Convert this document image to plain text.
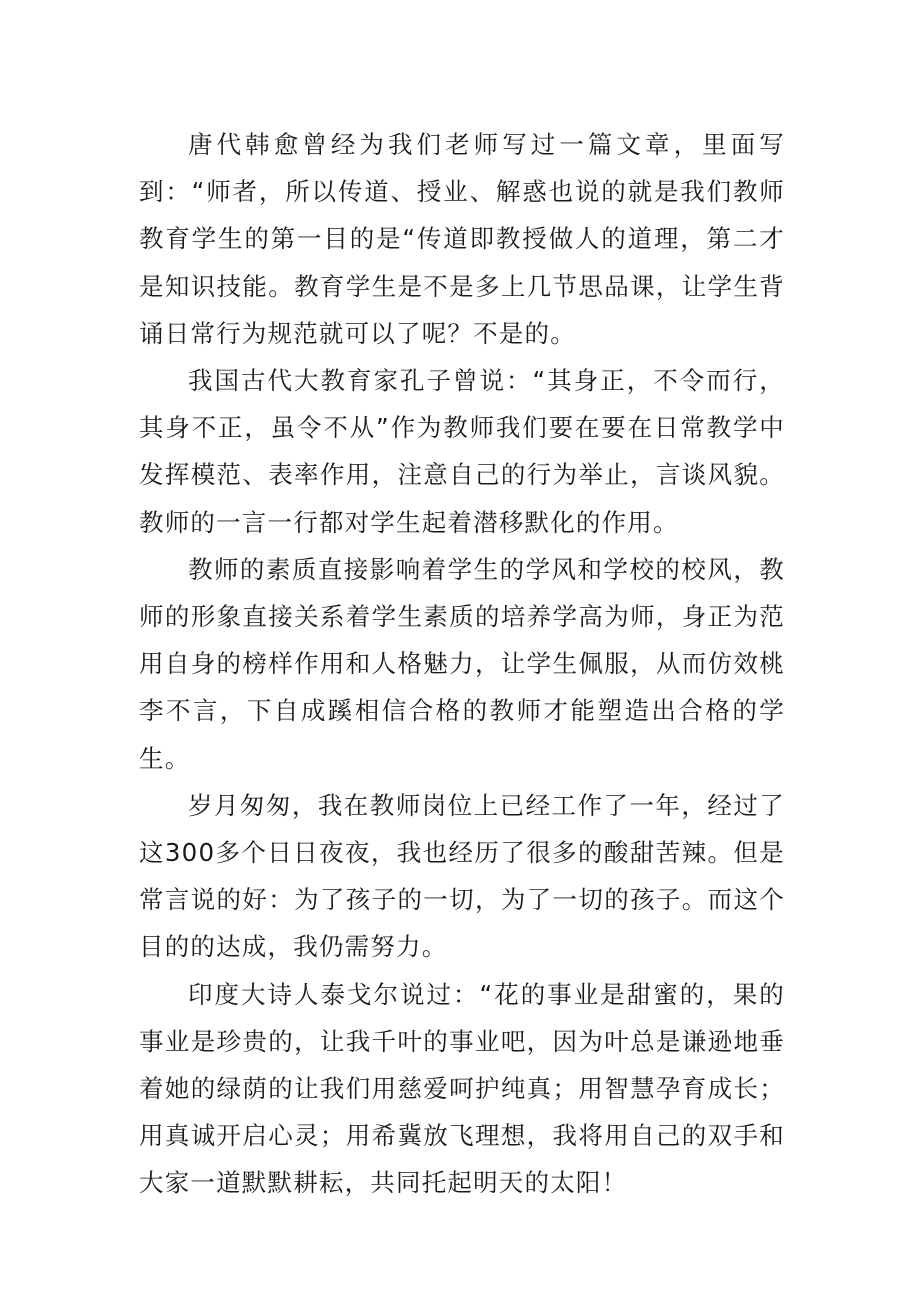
唐代韩愈曾经为我们老师写过一篇文章，里面写到：“师者，所以传道、授业、解惑也说的就是我们教师教育学生的第一目的是“传道即教授做人的道理，第二才是知识技能。教育学生是不是多上几节思品课，让学生背诵日常行为规范就可以了呢？不是的。

我国古代大教育家孔子曾说：“其身正，不令而行，其身不正，虽令不从”作为教师我们要在要在日常教学中发挥模范、表率作用，注意自己的行为举止，言谈风貌。教师的一言一行都对学生起着潜移默化的作用。

教师的素质直接影响着学生的学风和学校的校风，教师的形象直接关系着学生素质的培养学高为师，身正为范用自身的榜样作用和人格魅力，让学生佩服，从而仿效桃李不言，下自成蹊相信合格的教师才能塑造出合格的学生。

岁月匆匆，我在教师岗位上已经工作了一年，经过了这300多个日日夜夜，我也经历了很多的酸甜苦辣。但是常言说的好：为了孩子的一切，为了一切的孩子。而这个目的的达成，我仍需努力。

印度大诗人泰戈尔说过：“花的事业是甜蜜的，果的事业是珍贵的，让我千叶的事业吧，因为叶总是谦逊地垂着她的绿荫的让我们用慈爱呵护纯真；用智慧孕育成长；用真诚开启心灵；用希冀放飞理想，我将用自己的双手和大家一道默默耕耘，共同托起明天的太阳！
